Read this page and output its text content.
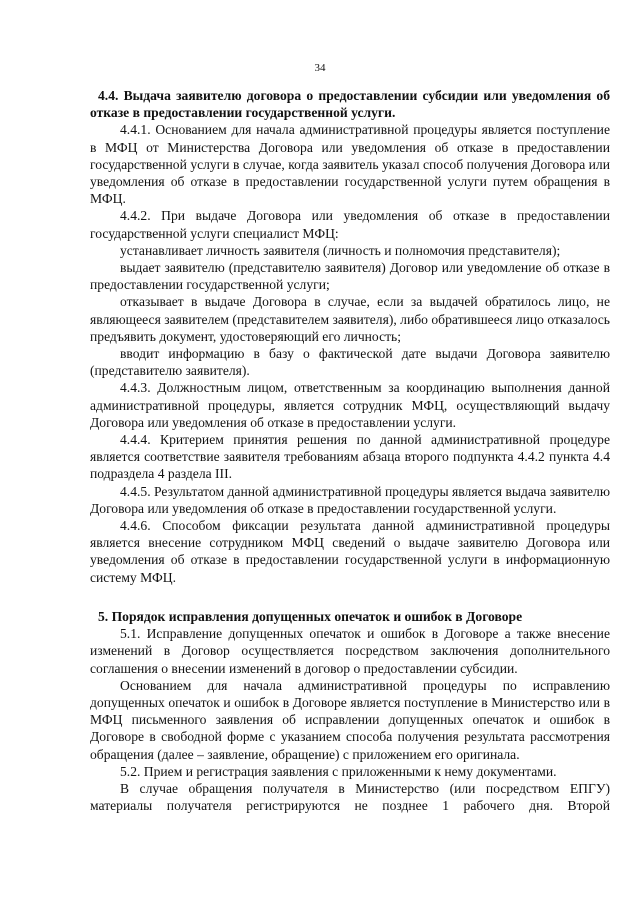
34
4.4. Выдача заявителю договора о предоставлении субсидии или уведомления об отказе в предоставлении государственной услуги.

4.4.1. Основанием для начала административной процедуры является поступление в МФЦ от Министерства Договора или уведомления об отказе в предоставлении государственной услуги в случае, когда заявитель указал способ получения Договора или уведомления об отказе в предоставлении государственной услуги путем обращения в МФЦ.

4.4.2. При выдаче Договора или уведомления об отказе в предоставлении государственной услуги специалист МФЦ:

устанавливает личность заявителя (личность и полномочия представителя);

выдает заявителю (представителю заявителя) Договор или уведомление об отказе в предоставлении государственной услуги;

отказывает в выдаче Договора в случае, если за выдачей обратилось лицо, не являющееся заявителем (представителем заявителя), либо обратившееся лицо отказалось предъявить документ, удостоверяющий его личность;

вводит информацию в базу о фактической дате выдачи Договора заявителю (представителю заявителя).

4.4.3. Должностным лицом, ответственным за координацию выполнения данной административной процедуры, является сотрудник МФЦ, осуществляющий выдачу Договора или уведомления об отказе в предоставлении услуги.

4.4.4. Критерием принятия решения по данной административной процедуре является соответствие заявителя требованиям абзаца второго подпункта 4.4.2 пункта 4.4 подраздела 4 раздела III.

4.4.5. Результатом данной административной процедуры является выдача заявителю Договора или уведомления об отказе в предоставлении государственной услуги.

4.4.6. Способом фиксации результата данной административной процедуры является внесение сотрудником МФЦ сведений о выдаче заявителю Договора или уведомления об отказе в предоставлении государственной услуги в информационную систему МФЦ.

5. Порядок исправления допущенных опечаток и ошибок в Договоре

5.1. Исправление допущенных опечаток и ошибок в Договоре а также внесение изменений в Договор осуществляется посредством заключения дополнительного соглашения о внесении изменений в договор о предоставлении субсидии.

Основанием для начала административной процедуры по исправлению допущенных опечаток и ошибок в Договоре является поступление в Министерство или в МФЦ письменного заявления об исправлении допущенных опечаток и ошибок в Договоре в свободной форме с указанием способа получения результата рассмотрения обращения (далее – заявление, обращение) с приложением его оригинала.

5.2. Прием и регистрация заявления с приложенными к нему документами.

В случае обращения получателя в Министерство (или посредством ЕПГУ) материалы получателя регистрируются не позднее 1 рабочего дня. Второй
